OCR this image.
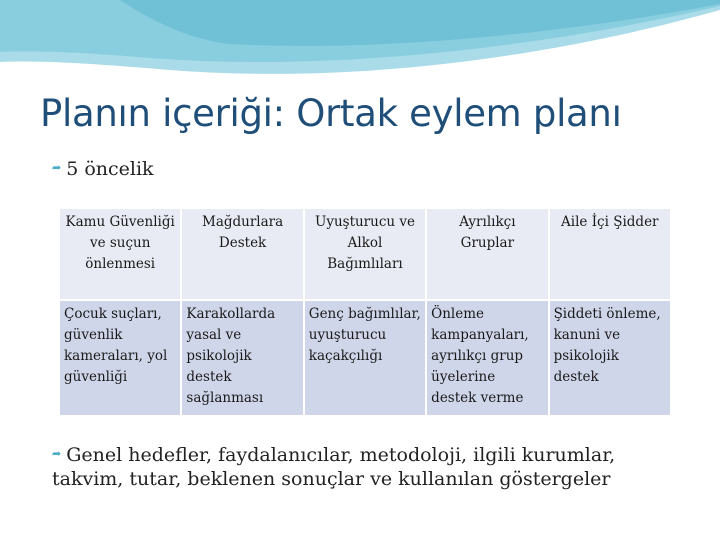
Planın içeriği: Ortak eylem planı
➦ 5 öncelik
Kamu Güvenliği ve suçun önlenmesi	Mağdurlara Destek	Uyuşturucu ve Alkol Bağımlıları	Ayrılıkçı Gruplar	Aile İçi Şidder
Çocuk suçları, güvenlik kameraları, yol güvenliği	Karakollarda yasal ve psikolojik destek sağlanması	Genç bağımlılar, uyuşturucu kaçakçılığı	Önleme kampanyaları, ayrılıkçı grup üyelerine destek verme	Şiddeti önleme, kanuni ve psikolojik destek
➦ Genel hedefler, faydalanıcılar, metodoloji, ilgili kurumlar, takvim, tutar, beklenen sonuçlar ve kullanılan göstergeler
